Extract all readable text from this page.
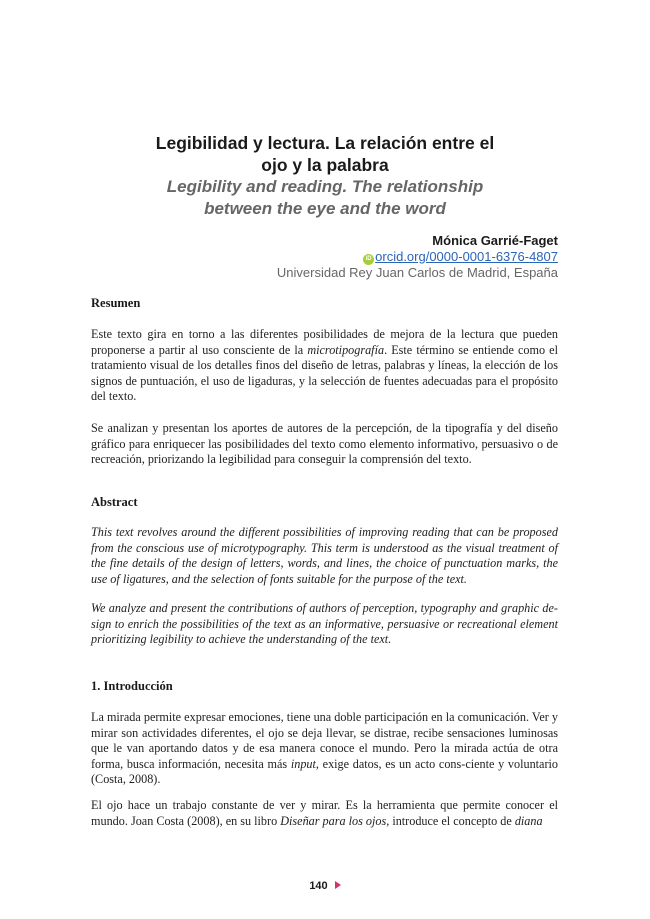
Legibilidad y lectura. La relación entre el
ojo y la palabra
Legibility and reading. The relationship
between the eye and the word
Mónica Garrié-Faget
iD orcid.org/0000-0001-6376-4807
Universidad Rey Juan Carlos de Madrid, España
Resumen

Este texto gira en torno a las diferentes posibilidades de mejora de la lectura que pueden proponerse a partir al uso consciente de la microtipografía. Este término se entiende como el tratamiento visual de los detalles finos del diseño de letras, palabras y líneas, la elección de los signos de puntuación, el uso de ligaduras, y la selección de fuentes adecuadas para el propósito del texto.

Se analizan y presentan los aportes de autores de la percepción, de la tipografía y del diseño gráfico para enriquecer las posibilidades del texto como elemento informativo, persuasivo o de recreación, priorizando la legibilidad para conseguir la comprensión del texto.

Abstract

This text revolves around the different possibilities of improving reading that can be proposed from the conscious use of microtypography. This term is understood as the visual treatment of the fine details of the design of letters, words, and lines, the choice of punctuation marks, the use of ligatures, and the selection of fonts suitable for the purpose of the text.

We analyze and present the contributions of authors of perception, typography and graphic de-sign to enrich the possibilities of the text as an informative, persuasive or recreational element prioritizing legibility to achieve the understanding of the text.

1. Introducción

La mirada permite expresar emociones, tiene una doble participación en la comunicación. Ver y mirar son actividades diferentes, el ojo se deja llevar, se distrae, recibe sensaciones luminosas que le van aportando datos y de esa manera conoce el mundo. Pero la mirada actúa de otra forma, busca información, necesita más input, exige datos, es un acto cons-ciente y voluntario (Costa, 2008).

El ojo hace un trabajo constante de ver y mirar. Es la herramienta que permite conocer el mundo. Joan Costa (2008), en su libro Diseñar para los ojos, introduce el concepto de diana

140
